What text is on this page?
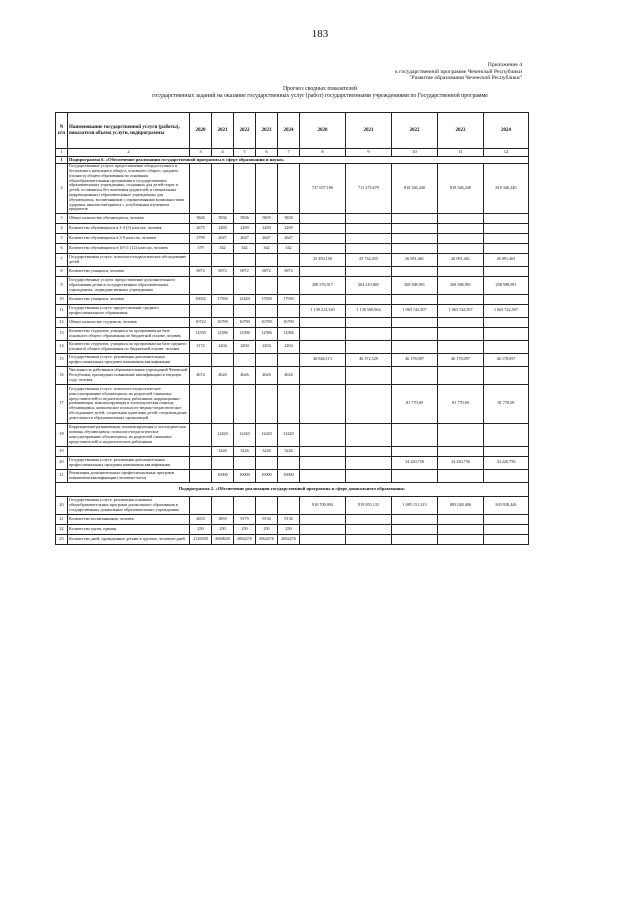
183
Приложение 4
к государственной программе Чеченской Республики
"Развитие образования Чеченской Республики"
Прогноз сводных показателей
государственных заданий на оказание государственных услуг (работ) государственными учреждениями по Государственной программе
N п/п	Наименование государственной услуги (работы), показателя объема услуги, подпрограммы	2020	2021	2022	2023	2024	2020	2021	2022	2023	2024
1	2	3	4	5	6	7	8	9	10	11	12
1	Подпрограмма 6. «Обеспечение реализации государственной программы в сфере образования и науки»										
2	Государственные услуги: предоставление общедоступного и бесплатного начального общего, основного общего, среднего (полного) общего образования по основным общеобразовательным программам в государственных образовательных учреждениях, созданных для детей-сирот и детей, оставшихся без попечения родителей; в специальных (коррекционных) образовательных учреждениях для обучающихся, воспитанников с ограниченными возможностями здоровья, школах-интернатах с углубленным изучением предметов						727 657,180	711 275,679	818 346,240	818 346,240	818 346,240
3	Общее количество обучающихся, человек	5846	5836	5836	5839	5830					
4	Количество обучающихся в 1-4 (5) классах, человек	2675	2269	2269	2269	2269					
5	Количество обучающихся в 5-9 классах, человек	2799	2647	2647	2647	2647					
6	Количество обучающихся в 10-11 (12) классах, человек	379	342	342	342	342					
7	Государственная услуга: психолого-педагогическое обследование детей						25 450,150	25 734,455	26 091,461	26 091,461	26 091,461
8	Количество учащихся, человек	6972	6972	6972	6972	6972					
9	Государственные услуги: предоставление дополнительного образования детям в государственных образовательных учреждениях, подведомственных учреждениях						208 576,917	204 219,805	208 588,991	208 588,991	208 588,991
10	Количество учащихся, человек	10032	17930	12420	17830	17930					
11	Государственная услуга: предоставление среднего профессионального образования						1 139 212,320	1 138 560,964	1 063 742,507	1 063 742,507	1 063 742,507
12	Общее количество студентов, человек	10722	16790	16790	16790	16790					
13	Количество студентов, учащихся по программам на базе основного общего образования по бюджетной основе, человек	12550	12586	12586	12586	12586					
14	Количество студентов, учащихся по программам на базе среднего (полного) общего образования по бюджетной основе, человек	3172	2204	2204	2204	2204					
15	Государственная услуга: реализация дополнительных профессиональных программ повышения квалификации						46 846,113	46 572,529	46 178,097	46 178,097	46 178,097
16	Численность работников образовательных учреждений Чеченской Республики, прошедших повышение квалификации в текущем году, человек	4674	4626	4626	4626	4626					
17	Государственная услуга: психолого-педагогическое консультирование обучающихся, их родителей (законных представителей) и педагогических работников; коррекционно-развивающая, компенсирующая и логопедическая помощь обучающимся; комплексное психолого-медико-педагогическое обследование детей; социальная адаптация детей; сопровождение деятельности образовательных организаций								81 770,69	81 770,69	81 770,69
18	Коррекционно-развивающая, компенсирующая и логопедическая помощь обучающимся; психолого-педагогическое консультирование обучающихся, их родителей (законных представителей) и педагогических работников		12420	12420	12420	12420					
19			3226	3226	3226	3226					
20	Государственная услуга: реализация дополнительных профессиональных программ повышения квалификации								34 220,756	34 220,756	34 220,756
21	Реализация дополнительных профессиональных программ повышения квалификации (человеко-часы)		10000	10000	10000	10000					
Подпрограмма 2. «Обеспечение реализации государственной программы в сфере дошкольного образования»											
20	Государственная услуга: реализация основных общеобразовательных программ дошкольного образования в государственных дошкольных образовательных учреждениях						910 709,094	919 955,133	1 085 151,313	883 028,406	843 938,446
21	Количество воспитанников, человек	2655	3893	9179	9136	9136					
22	Количество групп, единиц	250	250	250	250	250					
23	Количество дней, проведенных детьми в группах, человеко-дней	2126500	2068620	2062476	2062476	2062476					
